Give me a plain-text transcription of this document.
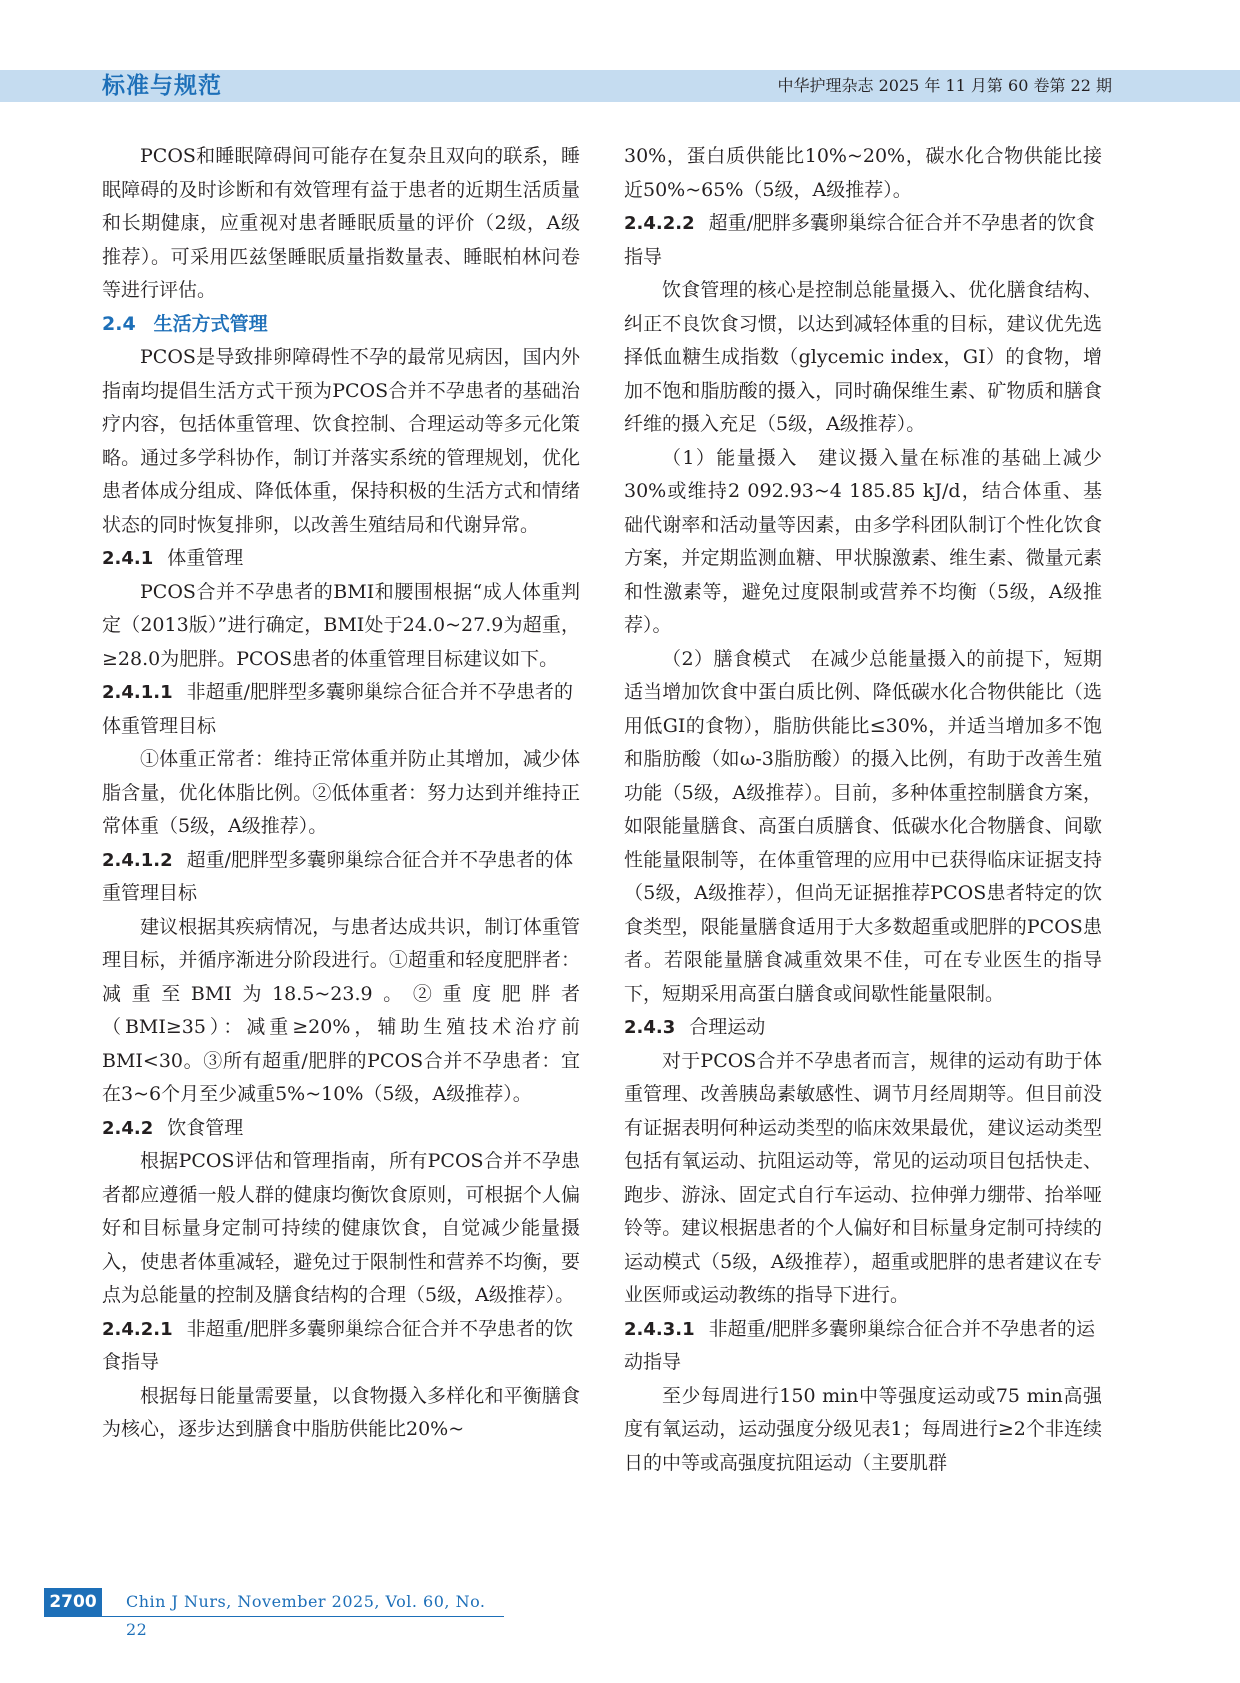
标准与规范	中华护理杂志 2025 年 11 月第 60 卷第 22 期

PCOS和睡眠障碍间可能存在复杂且双向的联系，睡眠障碍的及时诊断和有效管理有益于患者的近期生活质量和长期健康，应重视对患者睡眠质量的评价（2级，A级推荐）。可采用匹兹堡睡眠质量指数量表、睡眠柏林问卷等进行评估。

2.4 生活方式管理

PCOS是导致排卵障碍性不孕的最常见病因，国内外指南均提倡生活方式干预为PCOS合并不孕患者的基础治疗内容，包括体重管理、饮食控制、合理运动等多元化策略。通过多学科协作，制订并落实系统的管理规划，优化患者体成分组成、降低体重，保持积极的生活方式和情绪状态的同时恢复排卵，以改善生殖结局和代谢异常。

2.4.1 体重管理

PCOS合并不孕患者的BMI和腰围根据“成人体重判定（2013版）”进行确定，BMI处于24.0~27.9为超重，≥28.0为肥胖。PCOS患者的体重管理目标建议如下。

2.4.1.1 非超重/肥胖型多囊卵巢综合征合并不孕患者的体重管理目标

①体重正常者：维持正常体重并防止其增加，减少体脂含量，优化体脂比例。②低体重者：努力达到并维持正常体重（5级，A级推荐）。

2.4.1.2 超重/肥胖型多囊卵巢综合征合并不孕患者的体重管理目标

建议根据其疾病情况，与患者达成共识，制订体重管理目标，并循序渐进分阶段进行。①超重和轻度肥胖者：减重至BMI为18.5~23.9。②重度肥胖者（BMI≥35）：减重≥20%，辅助生殖技术治疗前BMI<30。③所有超重/肥胖的PCOS合并不孕患者：宜在3~6个月至少减重5%~10%（5级，A级推荐）。

2.4.2 饮食管理

根据PCOS评估和管理指南，所有PCOS合并不孕患者都应遵循一般人群的健康均衡饮食原则，可根据个人偏好和目标量身定制可持续的健康饮食，自觉减少能量摄入，使患者体重减轻，避免过于限制性和营养不均衡，要点为总能量的控制及膳食结构的合理（5级，A级推荐）。

2.4.2.1 非超重/肥胖多囊卵巢综合征合并不孕患者的饮食指导

根据每日能量需要量，以食物摄入多样化和平衡膳食为核心，逐步达到膳食中脂肪供能比20%~

30%，蛋白质供能比10%~20%，碳水化合物供能比接近50%~65%（5级，A级推荐）。

2.4.2.2 超重/肥胖多囊卵巢综合征合并不孕患者的饮食指导

饮食管理的核心是控制总能量摄入、优化膳食结构、纠正不良饮食习惯，以达到减轻体重的目标，建议优先选择低血糖生成指数（glycemic index，GI）的食物，增加不饱和脂肪酸的摄入，同时确保维生素、矿物质和膳食纤维的摄入充足（5级，A级推荐）。

（1）能量摄入　建议摄入量在标准的基础上减少30%或维持2 092.93~4 185.85 kJ/d，结合体重、基础代谢率和活动量等因素，由多学科团队制订个性化饮食方案，并定期监测血糖、甲状腺激素、维生素、微量元素和性激素等，避免过度限制或营养不均衡（5级，A级推荐）。

（2）膳食模式　在减少总能量摄入的前提下，短期适当增加饮食中蛋白质比例、降低碳水化合物供能比（选用低GI的食物），脂肪供能比≤30%，并适当增加多不饱和脂肪酸（如ω-3脂肪酸）的摄入比例，有助于改善生殖功能（5级，A级推荐）。目前，多种体重控制膳食方案，如限能量膳食、高蛋白质膳食、低碳水化合物膳食、间歇性能量限制等，在体重管理的应用中已获得临床证据支持（5级，A级推荐），但尚无证据推荐PCOS患者特定的饮食类型，限能量膳食适用于大多数超重或肥胖的PCOS患者。若限能量膳食减重效果不佳，可在专业医生的指导下，短期采用高蛋白膳食或间歇性能量限制。

2.4.3 合理运动

对于PCOS合并不孕患者而言，规律的运动有助于体重管理、改善胰岛素敏感性、调节月经周期等。但目前没有证据表明何种运动类型的临床效果最优，建议运动类型包括有氧运动、抗阻运动等，常见的运动项目包括快走、跑步、游泳、固定式自行车运动、拉伸弹力绷带、抬举哑铃等。建议根据患者的个人偏好和目标量身定制可持续的运动模式（5级，A级推荐），超重或肥胖的患者建议在专业医师或运动教练的指导下进行。

2.4.3.1 非超重/肥胖多囊卵巢综合征合并不孕患者的运动指导

至少每周进行150 min中等强度运动或75 min高强度有氧运动，运动强度分级见表1；每周进行≥2个非连续日的中等或高强度抗阻运动（主要肌群

2700	Chin J Nurs, November 2025, Vol. 60, No. 22
